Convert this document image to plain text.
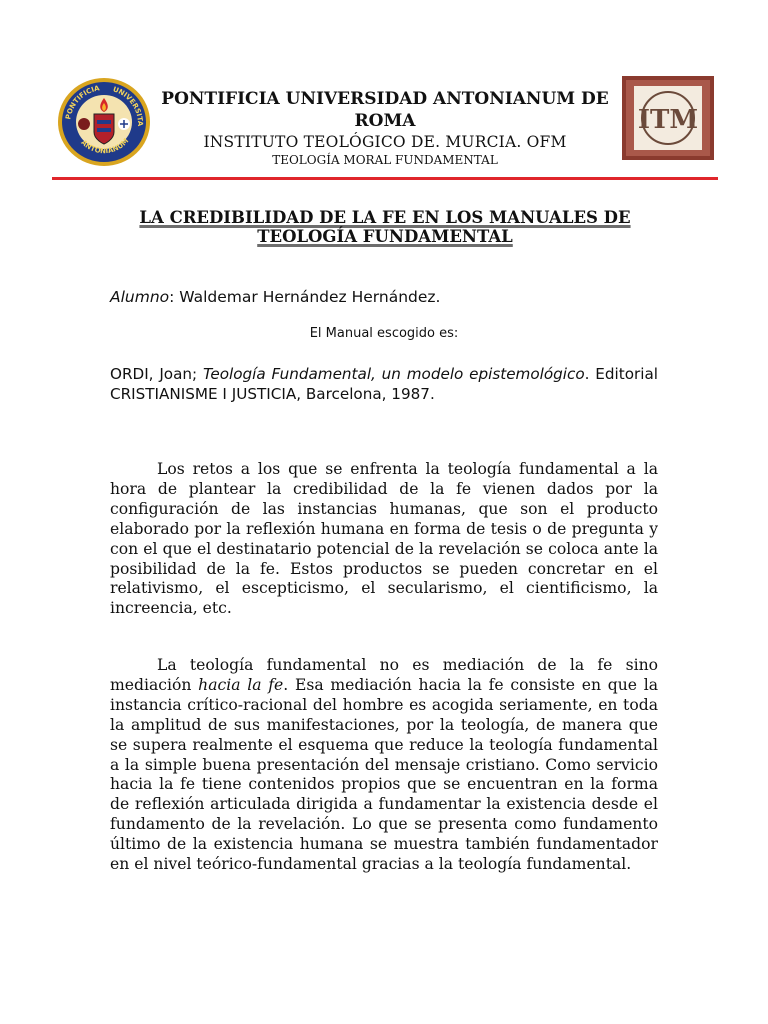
PONTIFICIA	UNIVERSITA
ANTONIANUM
PONTIFICIA UNIVERSIDAD ANTONIANUM DE ROMA
INSTITUTO TEOLÓGICO DE. MURCIA. OFM
TEOLOGÍA MORAL FUNDAMENTAL
ITM
LA CREDIBILIDAD DE LA FE EN LOS MANUALES DE TEOLOGÍA FUNDAMENTAL
Alumno: Waldemar Hernández Hernández.
El Manual escogido es:
ORDI, Joan; Teología Fundamental, un modelo epistemológico. Editorial CRISTIANISME I JUSTICIA, Barcelona, 1987.

Los retos a los que se enfrenta la teología fundamental a la hora de plantear la credibilidad de la fe vienen dados por la configuración de las instancias humanas, que son el producto elaborado por la reflexión humana en forma de tesis o de pregunta y con el que el destinatario potencial de la revelación se coloca ante la posibilidad de la fe. Estos productos se pueden concretar en el relativismo, el escepticismo, el secularismo, el cientificismo, la increencia, etc.

La teología fundamental no es mediación de la fe sino mediación hacia la fe. Esa mediación hacia la fe consiste en que la instancia crítico-racional del hombre es acogida seriamente, en toda la amplitud de sus manifestaciones, por la teología, de manera que se supera realmente el esquema que reduce la teología fundamental a la simple buena presentación del mensaje cristiano. Como servicio hacia la fe tiene contenidos propios que se encuentran en la forma de reflexión articulada dirigida a fundamentar la existencia desde el fundamento de la revelación. Lo que se presenta como fundamento último de la existencia humana se muestra también fundamentador en el nivel teórico-fundamental gracias a la teología fundamental.
